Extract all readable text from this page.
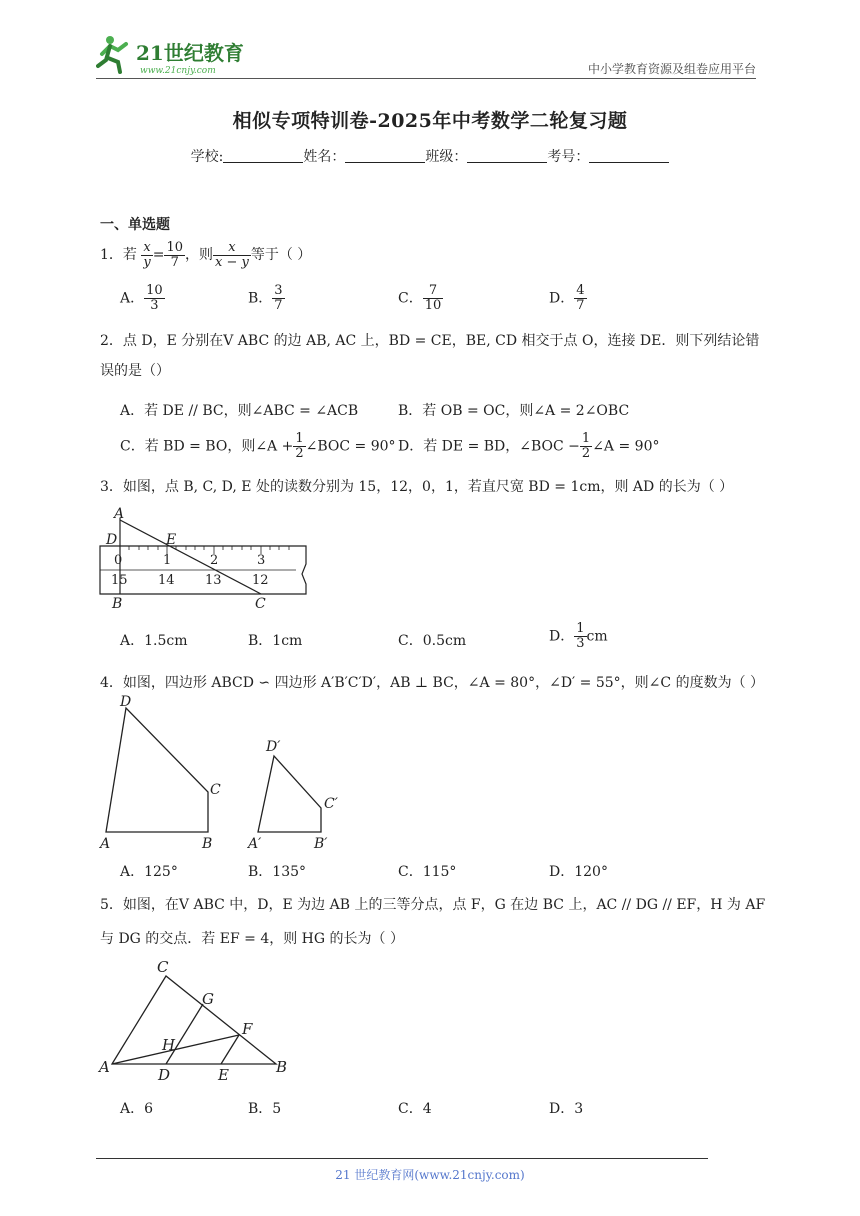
21世纪教育
www.21cnjy.com	中小学教育资源及组卷应用平台
相似专项特训卷-2025年中考数学二轮复习题
学校:	姓名：	班级：	考号：
一、单选题
1．若 $\frac{x}{y} = \frac{10}{7}$ ，则 $\frac{x}{x - y}$ 等于（ ）
A． $\frac{10}{3}$	B． $\frac{3}{7}$	C． $\frac{7}{10}$	D． $\frac{4}{7}$
2．点 D，E 分别在V ABC 的边 AB, AC 上，BD = CE，BE, CD 相交于点 O，连接 DE．则下列结论错
误的是（）
A．若 DE // BC，则∠ABC = ∠ACB	B．若 OB = OC，则∠A = 2∠OBC
C．若 BD = BO，则∠A + $\frac{1}{2}$ ∠BOC = 90° D．若 DE = BD，∠BOC − $\frac{1}{2}$ ∠A = 90°
3．如图，点 B, C, D, E 处的读数分别为 15，12，0，1，若直尺宽 BD = 1cm，则 AD 的长为（ ）
0	1	2	3
15 14 13 12
A
D	E
B	C
A．1.5cm	B．1cm	C．0.5cm	D． $\frac{1}{3}$ cm
4．如图，四边形 ABCD ∽ 四边形 A′B′C′D′，AB ⊥ BC，∠A = 80°，∠D′ = 55°，则∠C 的度数为（ ）
D
C
A	B
D′
C′
A′	B′
A．125°	B．135°	C．115°	D．120°
5．如图，在V ABC 中，D，E 为边 AB 上的三等分点，点 F，G 在边 BC 上，AC // DG // EF，H 为 AF
与 DG 的交点．若 EF = 4，则 HG 的长为（ ）
C
G
F
H
A	D	E	B
A．6	B．5	C．4	D．3
21 世纪教育网(www.21cnjy.com)
